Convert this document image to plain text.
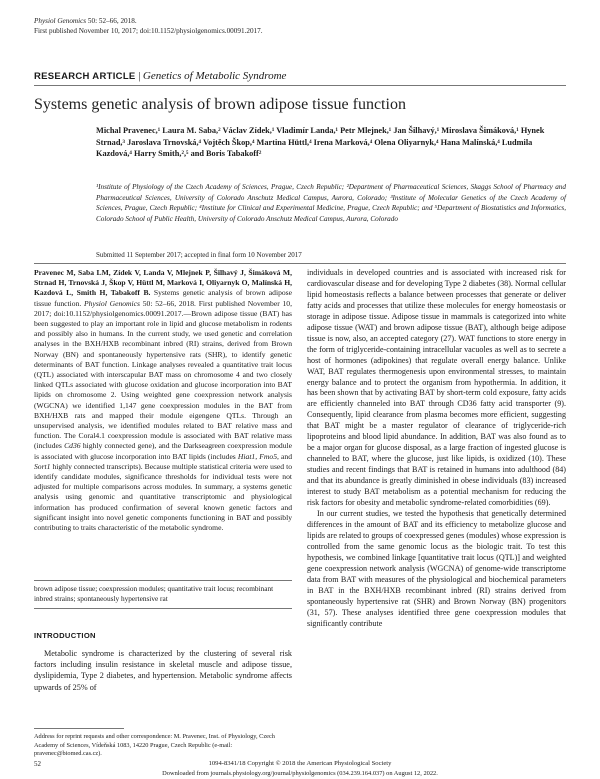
Physiol Genomics 50: 52–66, 2018.
First published November 10, 2017; doi:10.1152/physiolgenomics.00091.2017.
RESEARCH ARTICLE | Genetics of Metabolic Syndrome
Systems genetic analysis of brown adipose tissue function
Michal Pravenec,¹ Laura M. Saba,² Václav Zídek,¹ Vladimír Landa,¹ Petr Mlejnek,¹ Jan Šilhavý,¹ Miroslava Šimáková,¹ Hynek Strnad,³ Jaroslava Trnovská,⁴ Vojtěch Škop,⁴ Martina Hüttl,⁴ Irena Marková,⁴ Olena Oliyarnyk,⁴ Hana Malínská,⁴ Ludmila Kazdová,⁴ Harry Smith,²,⁵ and Boris Tabakoff²
¹Institute of Physiology of the Czech Academy of Sciences, Prague, Czech Republic; ²Department of Pharmaceutical Sciences, Skaggs School of Pharmacy and Pharmaceutical Sciences, University of Colorado Anschutz Medical Campus, Aurora, Colorado; ³Institute of Molecular Genetics of the Czech Academy of Sciences, Prague, Czech Republic; ⁴Institute for Clinical and Experimental Medicine, Prague, Czech Republic; and ⁵Department of Biostatistics and Informatics, Colorado School of Public Health, University of Colorado Anschutz Medical Campus, Aurora, Colorado
Submitted 11 September 2017; accepted in final form 10 November 2017
Pravenec M, Saba LM, Zídek V, Landa V, Mlejnek P, Šilhavý J, Šimáková M, Strnad H, Trnovská J, Škop V, Hüttl M, Marková I, Oliyarnyk O, Malínská H, Kazdová L, Smith H, Tabakoff B. Systems genetic analysis of brown adipose tissue function. Physiol Genomics 50: 52–66, 2018. First published November 10, 2017; doi:10.1152/physiolgenomics.00091.2017.—Brown adipose tissue (BAT) has been suggested to play an important role in lipid and glucose metabolism in rodents and possibly also in humans. In the current study, we used genetic and correlation analyses in the BXH/HXB recombinant inbred (RI) strains, derived from Brown Norway (BN) and spontaneously hypertensive rats (SHR), to identify genetic determinants of BAT function. Linkage analyses revealed a quantitative trait locus (QTL) associated with interscapular BAT mass on chromosome 4 and two closely linked QTLs associated with glucose oxidation and glucose incorporation into BAT lipids on chromosome 2. Using weighted gene coexpression network analysis (WGCNA) we identified 1,147 gene coexpression modules in the BAT from BXH/HXB rats and mapped their module eigengene QTLs. Through an unsupervised analysis, we identified modules related to BAT relative mass and function. The Coral4.1 coexpression module is associated with BAT relative mass (includes Cd36 highly connected gene), and the Darkseagreen coexpression module is associated with glucose incorporation into BAT lipids (includes Hiat1, Fmo5, and Sort1 highly connected transcripts). Because multiple statistical criteria were used to identify candidate modules, significance thresholds for individual tests were not adjusted for multiple comparisons across modules. In summary, a systems genetic analysis using genomic and quantitative transcriptomic and physiological information has produced confirmation of several known genetic factors and significant insight into novel genetic components functioning in BAT and possibly contributing to traits characteristic of the metabolic syndrome.
brown adipose tissue; coexpression modules; quantitative trait locus; recombinant inbred strains; spontaneously hypertensive rat
INTRODUCTION

Metabolic syndrome is characterized by the clustering of several risk factors including insulin resistance in skeletal muscle and adipose tissue, dyslipidemia, Type 2 diabetes, and hypertension. Metabolic syndrome affects upwards of 25% of

Address for reprint requests and other correspondence: M. Pravenec, Inst. of Physiology, Czech Academy of Sciences, Vídeňská 1083, 14220 Prague, Czech Republic (e-mail: pravenec@biomed.cas.cz).

individuals in developed countries and is associated with increased risk for cardiovascular disease and for developing Type 2 diabetes (38). Normal cellular lipid homeostasis reflects a balance between processes that generate or deliver fatty acids and processes that utilize these molecules for energy homeostasis or storage in adipose tissue. Adipose tissue in mammals is categorized into white adipose tissue (WAT) and brown adipose tissue (BAT), although beige adipose tissue is now, also, an accepted category (27). WAT functions to store energy in the form of triglyceride-containing intracellular vacuoles as well as to secrete a host of hormones (adipokines) that regulate overall energy balance. Unlike WAT, BAT regulates thermogenesis upon environmental stresses, to maintain energy balance and to protect the organism from hypothermia. In addition, it has been shown that by activating BAT by short-term cold exposure, fatty acids are efficiently channeled into BAT through CD36 fatty acid transporter (9). Consequently, lipid clearance from plasma becomes more efficient, suggesting that BAT might be a master regulator of clearance of triglyceride-rich lipoproteins and blood lipid abundance. In addition, BAT was also found as to be a major organ for glucose disposal, as a large fraction of ingested glucose is channeled to BAT, where the glucose, just like lipids, is oxidized (10). These studies and recent findings that BAT is retained in humans into adulthood (84) and that its abundance is greatly diminished in obese individuals (83) increased interest to study BAT metabolism as a potential mechanism for reducing the risk factors for obesity and metabolic syndrome-related comorbidities (69).

In our current studies, we tested the hypothesis that genetically determined differences in the amount of BAT and its efficiency to metabolize glucose and lipids are related to groups of coexpressed genes (modules) whose expression is controlled from the same genomic locus as the biologic trait. To test this hypothesis, we combined linkage [quantitative trait locus (QTL)] and weighted gene coexpression network analysis (WGCNA) of genome-wide transcriptome data from BAT with measures of the physiological and biochemical parameters in BAT in the BXH/HXB recombinant inbred (RI) strains derived from spontaneously hypertensive rat (SHR) and Brown Norway (BN) progenitors (31, 57). These analyses identified three gene coexpression modules that significantly contribute

52	1094-8341/18 Copyright © 2018 the American Physiological Society
Downloaded from journals.physiology.org/journal/physiolgenomics (034.239.164.037) on August 12, 2022.
